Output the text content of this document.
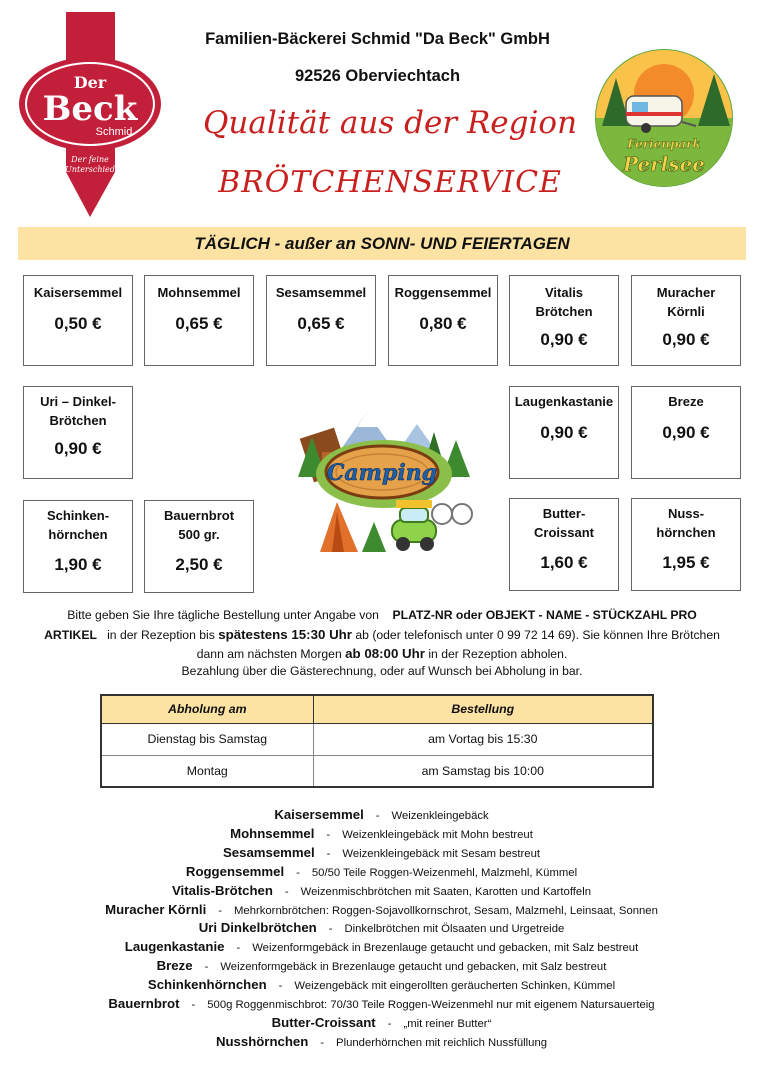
Der
Beck
Schmid
Der feine
Unterschied
Familien-Bäckerei Schmid "Da Beck" GmbH
92526 Oberviechtach
Qualität aus der Region
BRÖTCHENSERVICE
Ferienpark
Perlsee
TÄGLICH - außer an SONN- UND FEIERTAGEN
Kaisersemmel
0,50 €
Mohnsemmel
0,65 €
Sesamsemmel
0,65 €
Roggensemmel
0,80 €
Vitalis
Brötchen
0,90 €
Muracher
Körnli
0,90 €
Uri – Dinkel-
Brötchen
0,90 €
Camping
Laugenkastanie
0,90 €
Breze
0,90 €
Schinken-
hörnchen
1,90 €
Bauernbrot
500 gr.
2,50 €
Butter-
Croissant
1,60 €
Nuss-
hörnchen
1,95 €
Bitte geben Sie Ihre tägliche Bestellung unter Angabe von PLATZ-NR oder OBJEKT - NAME - STÜCKZAHL PRO
ARTIKEL in der Rezeption bis spätestens 15:30 Uhr ab (oder telefonisch unter 0 99 72 14 69). Sie können Ihre Brötchen
dann am nächsten Morgen ab 08:00 Uhr in der Rezeption abholen.
Bezahlung über die Gästerechnung, oder auf Wunsch bei Abholung in bar.
Abholung am	Bestellung
Dienstag bis Samstag	am Vortag bis 15:30
Montag	am Samstag bis 10:00
Kaisersemmel - Weizenkleingebäck
Mohnsemmel - Weizenkleingebäck mit Mohn bestreut
Sesamsemmel - Weizenkleingebäck mit Sesam bestreut
Roggensemmel - 50/50 Teile Roggen-Weizenmehl, Malzmehl, Kümmel
Vitalis-Brötchen - Weizenmischbrötchen mit Saaten, Karotten und Kartoffeln
Muracher Körnli - Mehrkornbrötchen: Roggen-Sojavollkornschrot, Sesam, Malzmehl, Leinsaat, Sonnen
Uri Dinkelbrötchen - Dinkelbrötchen mit Ölsaaten und Urgetreide
Laugenkastanie - Weizenformgebäck in Brezenlauge getaucht und gebacken, mit Salz bestreut
Breze - Weizenformgebäck in Brezenlauge getaucht und gebacken, mit Salz bestreut
Schinkenhörnchen - Weizengebäck mit eingerollten geräucherten Schinken, Kümmel
Bauernbrot - 500g Roggenmischbrot: 70/30 Teile Roggen-Weizenmehl nur mit eigenem Natursauerteig
Butter-Croissant - „mit reiner Butter“
Nusshörnchen - Plunderhörnchen mit reichlich Nussfüllung
